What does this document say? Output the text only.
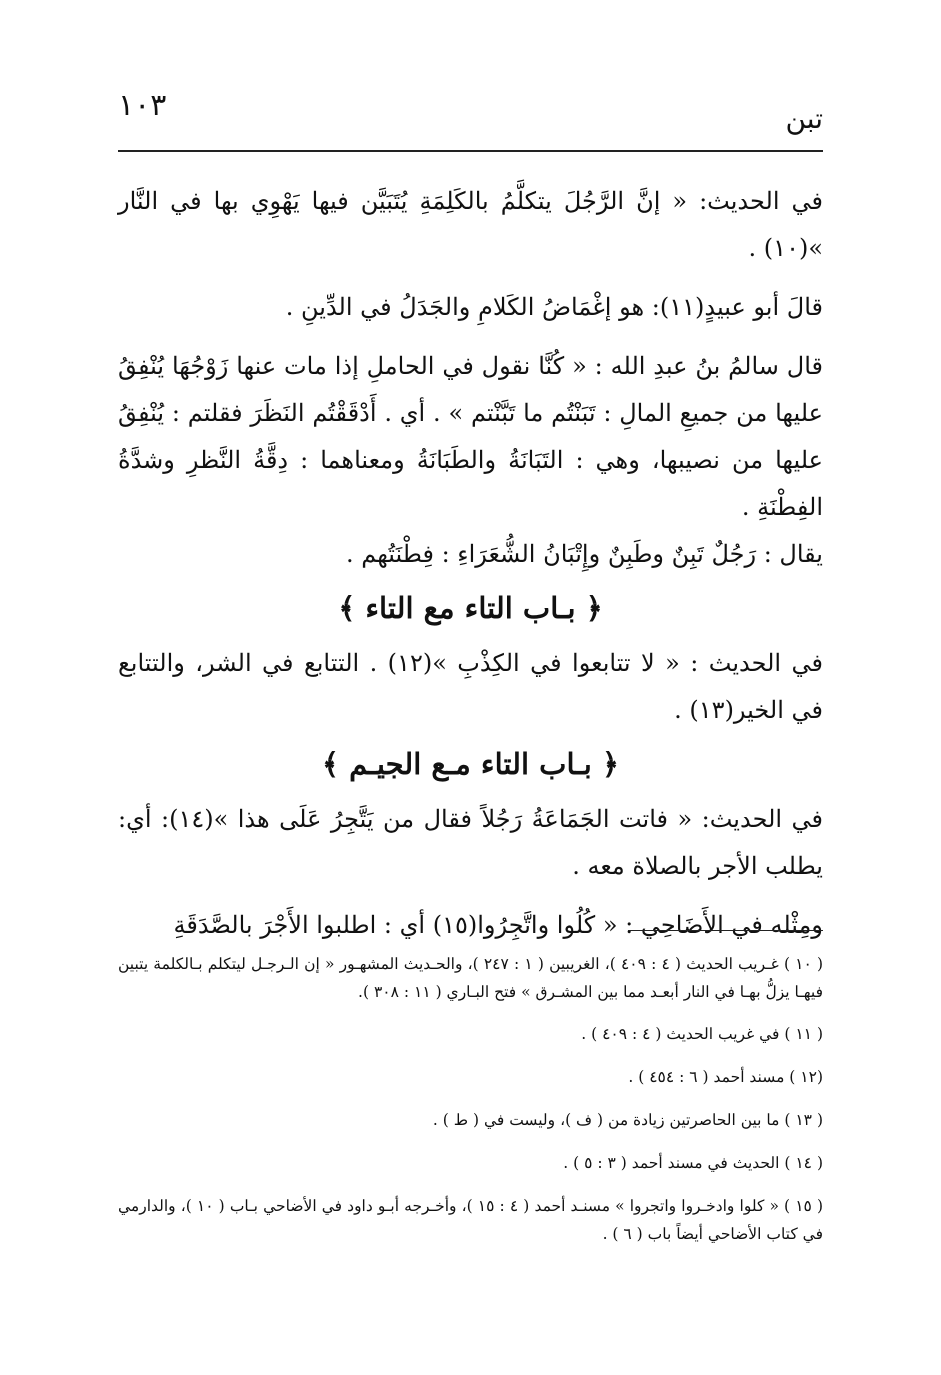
١٠٣	تبن

في الحديث: « إنَّ الرَّجُلَ يتكلَّمُ بالكَلِمَةِ يُتَبَيَّن فيها يَهْوِي بها في النَّار »(١٠) .

قالَ أبو عبيدٍ(١١): هو إغْمَاضُ الكَلامِ والجَدَلُ في الدِّينِ .

قال سالمُ بنُ عبدِ الله : « كُنَّا نقول في الحاملِ إذا مات عنها زَوْجُهَا يُنْفِقُ عليها من جميعِ المالِ : تَبَنْتُم ما تَبَّنْتم » . أي . أَدْقَقْتُم النَظَرَ فقلتم : يُنْفِقُ عليها من نصيبها، وهي : التَبَانَةُ والطَبَانَةُ ومعناهما : دِقَّةُ النَّظرِ وشدَّةُ الفِطْنَةِ .

يقال : رَجُلٌ تَبِنٌ وطَبِنٌ وإِتْبَانُ الشُّعَرَاءِ : فِطْنَتُهم .

﴿ بـاب التاء مع التاء ﴾

في الحديث : « لا تتابعوا في الكِذْبِ »(١٢) . التتابع في الشر، والتتابع في الخير(١٣) .

﴿ بـاب التاء مـع الجيـم ﴾

في الحديث: « فاتت الجَمَاعَةُ رَجُلاً فقال من يَتَّجِرُ عَلَى هذا »(١٤): أي: يطلب الأجر بالصلاة معه .

ومِثْله في الأَضَاحِي : « كُلُوا واتَّجِرُوا(١٥) أي : اطلبوا الأَجْرَ بالصَّدَقَةِ

( ١٠ ) غـريب الحديث ( ٤ : ٤٠٩ )، الغريبين ( ١ : ٢٤٧ )، والحـديث المشهـور « إن الـرجـل ليتكلم بـالكلمة يتبين فيهـا يزلُّ بهـا في النار أبعـد مما بين المشـرق » فتح البـاري ( ١١ : ٣٠٨ ).

( ١١ ) في غريب الحديث ( ٤ : ٤٠٩ ) .

(١٢ ) مسند أحمد ( ٦ : ٤٥٤ ) .

( ١٣ ) ما بين الحاصرتين زيادة من ( ف )، وليست في ( ط ) .

( ١٤ ) الحديث في مسند أحمد ( ٣ : ٥ ) .

( ١٥ ) « كلوا وادخـروا واتجروا » مسنـد أحمد ( ٤ : ١٥ )، وأخـرجه أبـو داود في الأضاحي بـاب ( ١٠ )، والدارمي في كتاب الأضاحي أيضاً باب ( ٦ ) .
